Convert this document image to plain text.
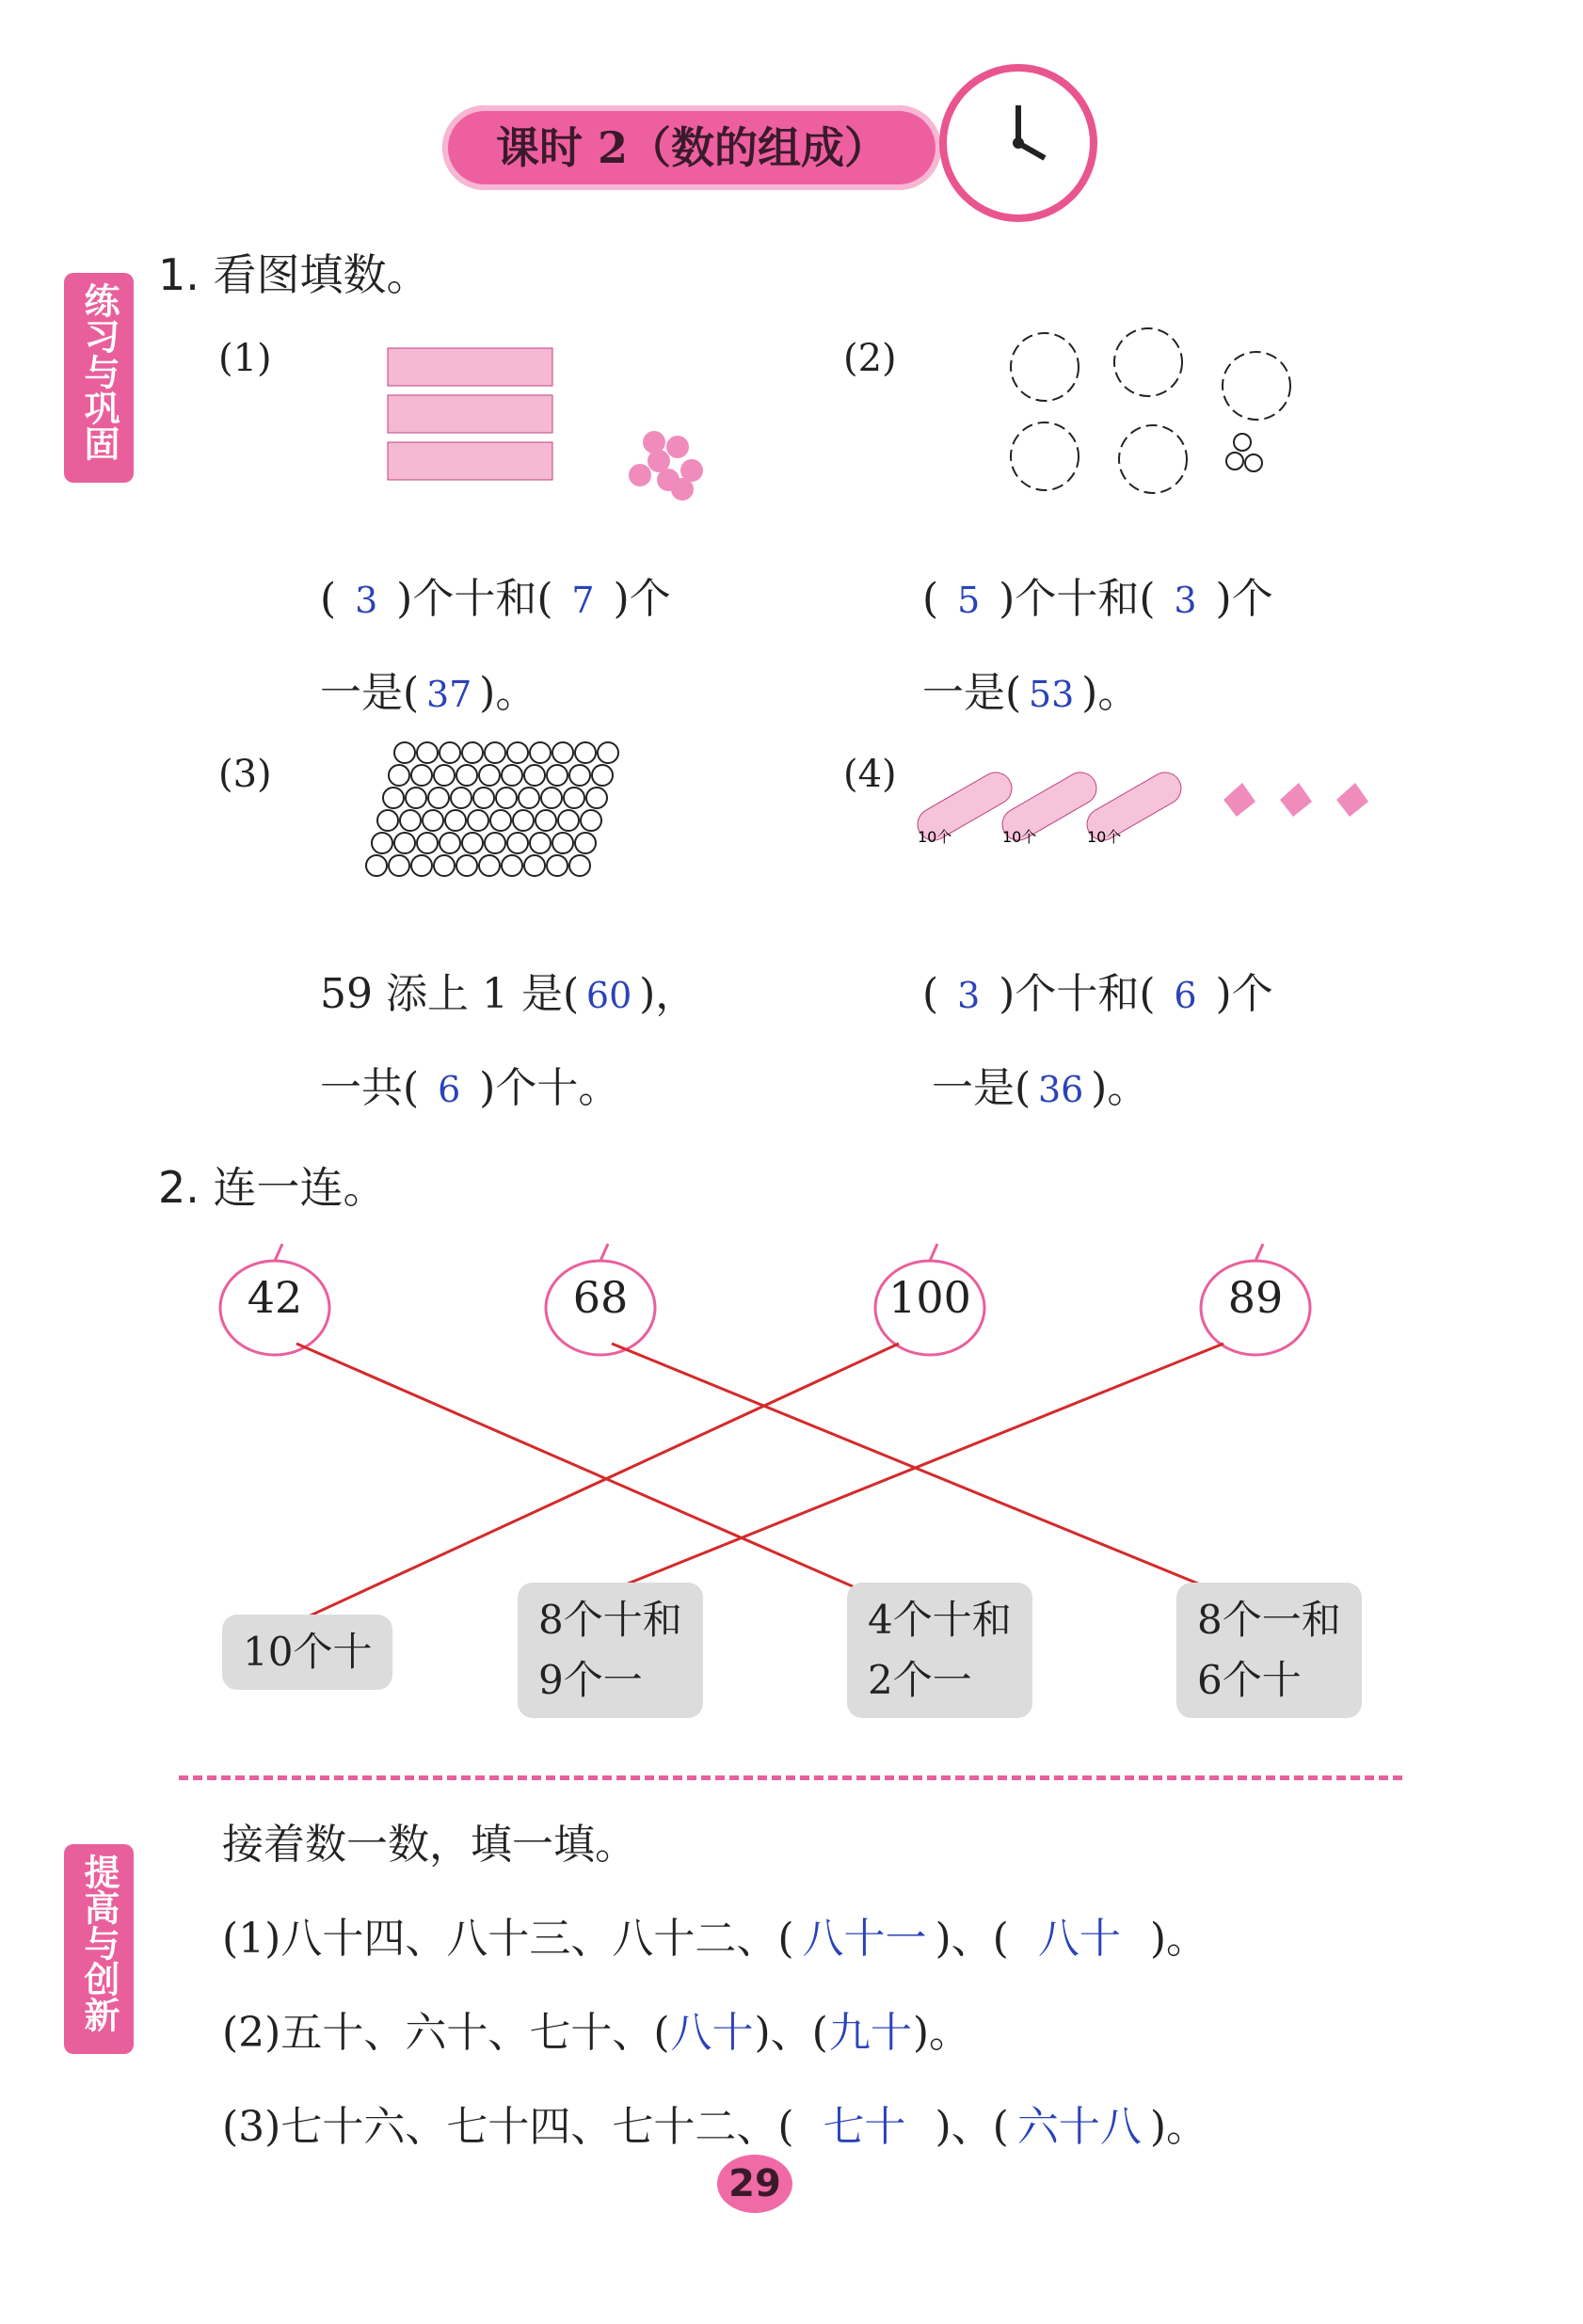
课时 2（数的组成）
练习与巩固
提高与创新
1. 看图填数。
(1)	(2)
( 3 )个十和( 7 )个
一是( 37 )。
( 5 )个十和( 3 )个
一是( 53 )。
(3)	(4)
10个	10个	10个
59 添上 1 是( 60 )，
一共( 6 )个十。
( 3 )个十和( 6 )个
一是( 36 )。
2. 连一连。
42	68	100	89
10个十
8个十和
9个一
4个十和
2个一
8个一和
6个十
接着数一数，填一填。
(1)八十四、八十三、八十二、( 八十一 )、( 八十 )。
(2)五十、六十、七十、(八十)、(九十)。
(3)七十六、七十四、七十二、( 七十 )、( 六十八 )。
29
